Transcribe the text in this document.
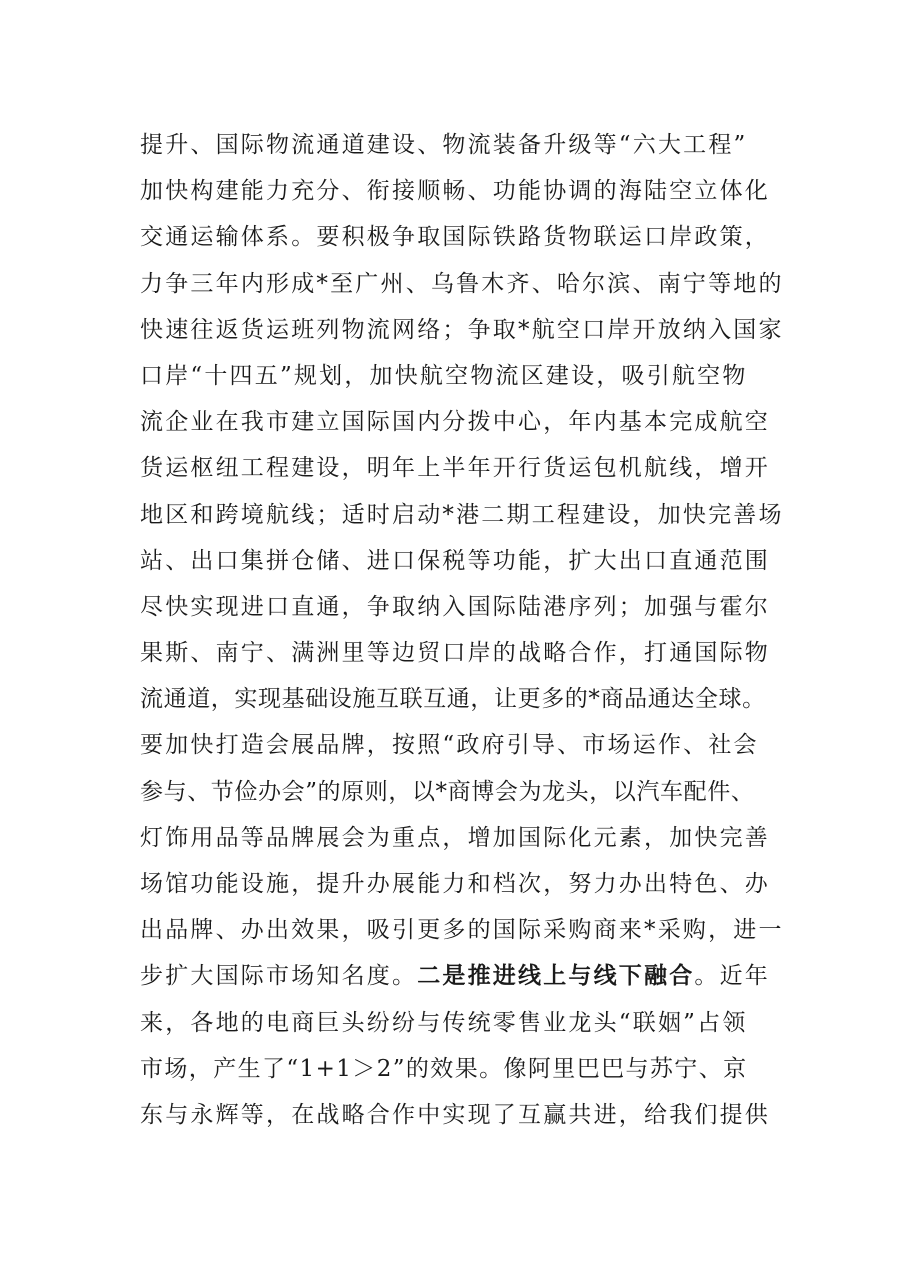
提升、国际物流通道建设、物流装备升级等“六大工程”
加快构建能力充分、衔接顺畅、功能协调的海陆空立体化
交通运输体系。要积极争取国际铁路货物联运口岸政策，
力争三年内形成*至广州、乌鲁木齐、哈尔滨、南宁等地的
快速往返货运班列物流网络；争取*航空口岸开放纳入国家
口岸“十四五”规划，加快航空物流区建设，吸引航空物
流企业在我市建立国际国内分拨中心，年内基本完成航空
货运枢纽工程建设，明年上半年开行货运包机航线，增开
地区和跨境航线；适时启动*港二期工程建设，加快完善场
站、出口集拼仓储、进口保税等功能，扩大出口直通范围
尽快实现进口直通，争取纳入国际陆港序列；加强与霍尔
果斯、南宁、满洲里等边贸口岸的战略合作，打通国际物
流通道，实现基础设施互联互通，让更多的*商品通达全球。
要加快打造会展品牌，按照“政府引导、市场运作、社会
参与、节俭办会”的原则，以*商博会为龙头，以汽车配件、
灯饰用品等品牌展会为重点，增加国际化元素，加快完善
场馆功能设施，提升办展能力和档次，努力办出特色、办
出品牌、办出效果，吸引更多的国际采购商来*采购，进一
步扩大国际市场知名度。二是推进线上与线下融合。近年
来，各地的电商巨头纷纷与传统零售业龙头“联姻”占领
市场，产生了“1+1＞2”的效果。像阿里巴巴与苏宁、京
东与永辉等，在战略合作中实现了互赢共进，给我们提供
